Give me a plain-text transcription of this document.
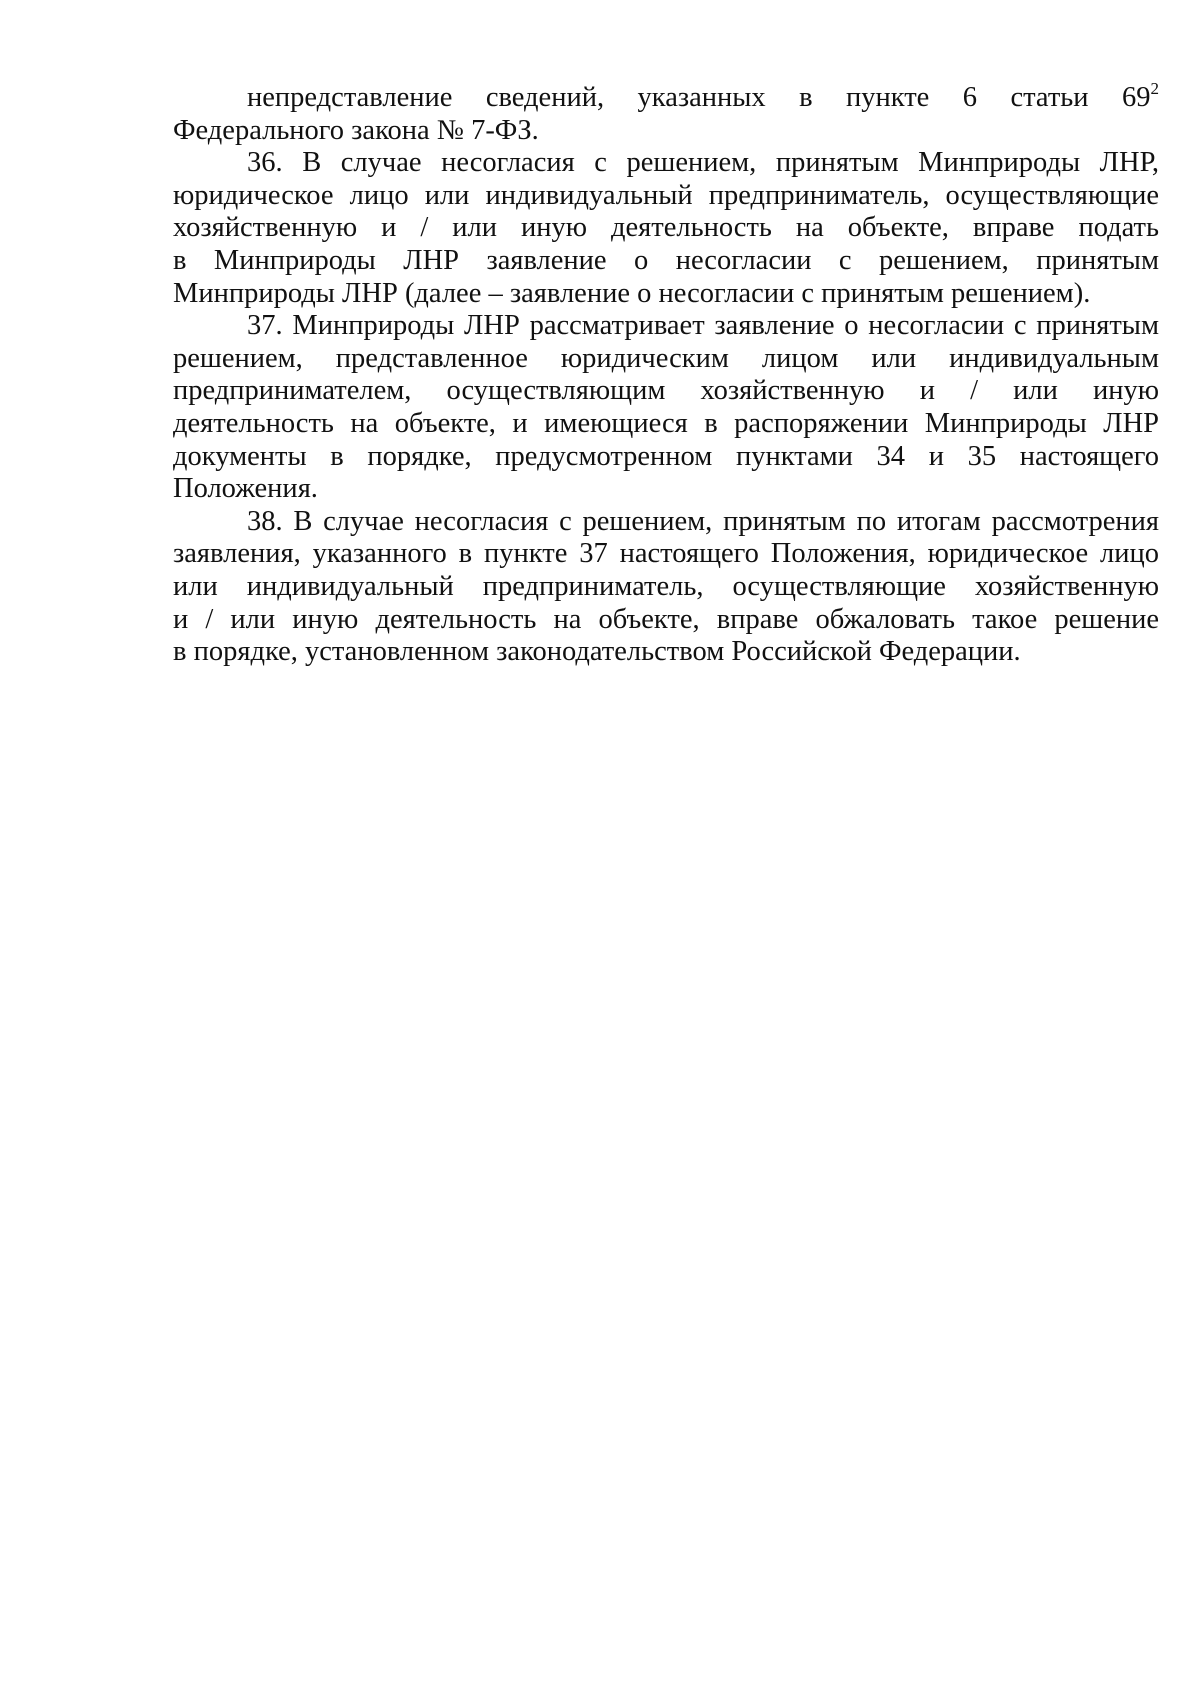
непредставление сведений, указанных в пункте 6 статьи $69^2$
Федерального закона № 7-ФЗ.
36. В случае несогласия с решением, принятым Минприроды ЛНР,
юридическое лицо или индивидуальный предприниматель, осуществляющие
хозяйственную и / или иную деятельность на объекте, вправе подать
в Минприроды ЛНР заявление о несогласии с решением, принятым
Минприроды ЛНР (далее – заявление о несогласии с принятым решением).
37. Минприроды ЛНР рассматривает заявление о несогласии с принятым
решением, представленное юридическим лицом или индивидуальным
предпринимателем, осуществляющим хозяйственную и / или иную
деятельность на объекте, и имеющиеся в распоряжении Минприроды ЛНР
документы в порядке, предусмотренном пунктами 34 и 35 настоящего
Положения.
38. В случае несогласия с решением, принятым по итогам рассмотрения
заявления, указанного в пункте 37 настоящего Положения, юридическое лицо
или индивидуальный предприниматель, осуществляющие хозяйственную
и / или иную деятельность на объекте, вправе обжаловать такое решение
в порядке, установленном законодательством Российской Федерации.
